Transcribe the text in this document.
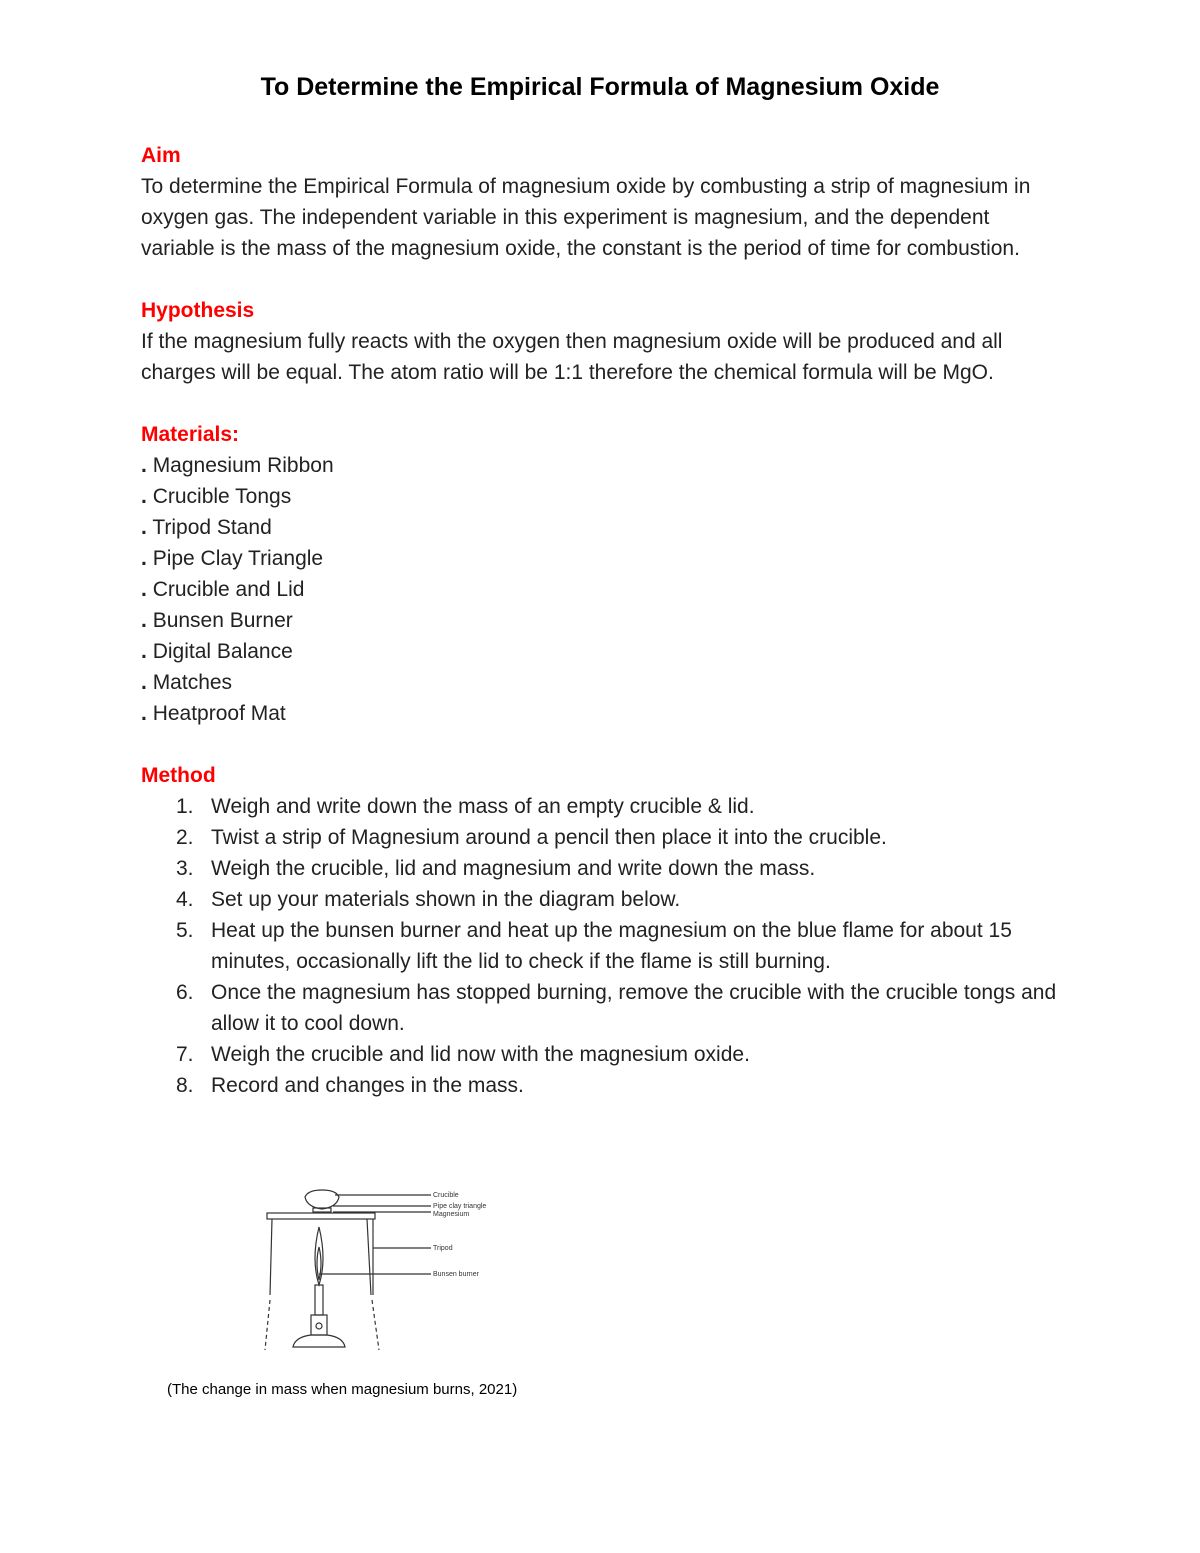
To Determine the Empirical Formula of Magnesium Oxide

Aim

To determine the Empirical Formula of magnesium oxide by combusting a strip of magnesium in oxygen gas. The independent variable in this experiment is magnesium, and the dependent variable is the mass of the magnesium oxide, the constant is the period of time for combustion.

Hypothesis

If the magnesium fully reacts with the oxygen then magnesium oxide will be produced and all charges will be equal. The atom ratio will be 1:1 therefore the chemical formula will be MgO.

Materials:

. Magnesium Ribbon
. Crucible Tongs
. Tripod Stand
. Pipe Clay Triangle
. Crucible and Lid
. Bunsen Burner
. Digital Balance
. Matches
. Heatproof Mat

Method

1. Weigh and write down the mass of an empty crucible & lid.
2. Twist a strip of Magnesium around a pencil then place it into the crucible.
3. Weigh the crucible, lid and magnesium and write down the mass.
4. Set up your materials shown in the diagram below.
5. Heat up the bunsen burner and heat up the magnesium on the blue flame for about 15 minutes, occasionally lift the lid to check if the flame is still burning.
6. Once the magnesium has stopped burning, remove the crucible with the crucible tongs and allow it to cool down.
7. Weigh the crucible and lid now with the magnesium oxide.
8. Record and changes in the mass.
Crucible
Pipe clay triangle
Magnesium
Tripod
Bunsen burner
(The change in mass when magnesium burns, 2021)
